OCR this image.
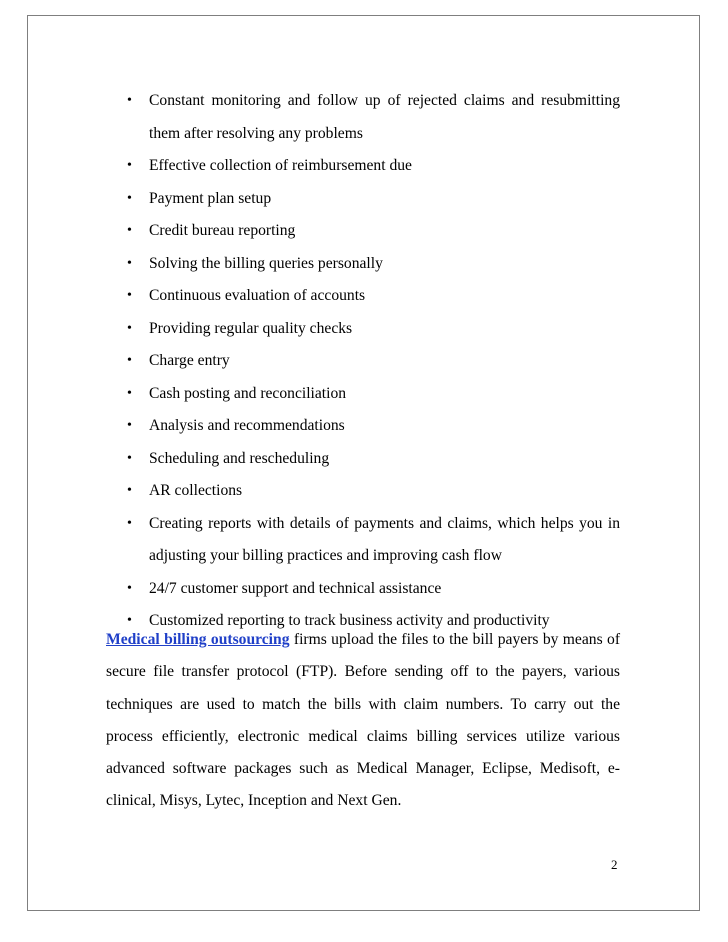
• Constant monitoring and follow up of rejected claims and resubmitting them after resolving any problems
• Effective collection of reimbursement due
• Payment plan setup
• Credit bureau reporting
• Solving the billing queries personally
• Continuous evaluation of accounts
• Providing regular quality checks
• Charge entry
• Cash posting and reconciliation
• Analysis and recommendations
• Scheduling and rescheduling
• AR collections
• Creating reports with details of payments and claims, which helps you in adjusting your billing practices and improving cash flow
• 24/7 customer support and technical assistance
• Customized reporting to track business activity and productivity

Medical billing outsourcing firms upload the files to the bill payers by means of secure file transfer protocol (FTP). Before sending off to the payers, various techniques are used to match the bills with claim numbers. To carry out the process efficiently, electronic medical claims billing services utilize various advanced software packages such as Medical Manager, Eclipse, Medisoft, e-clinical, Misys, Lytec, Inception and Next Gen.

2
